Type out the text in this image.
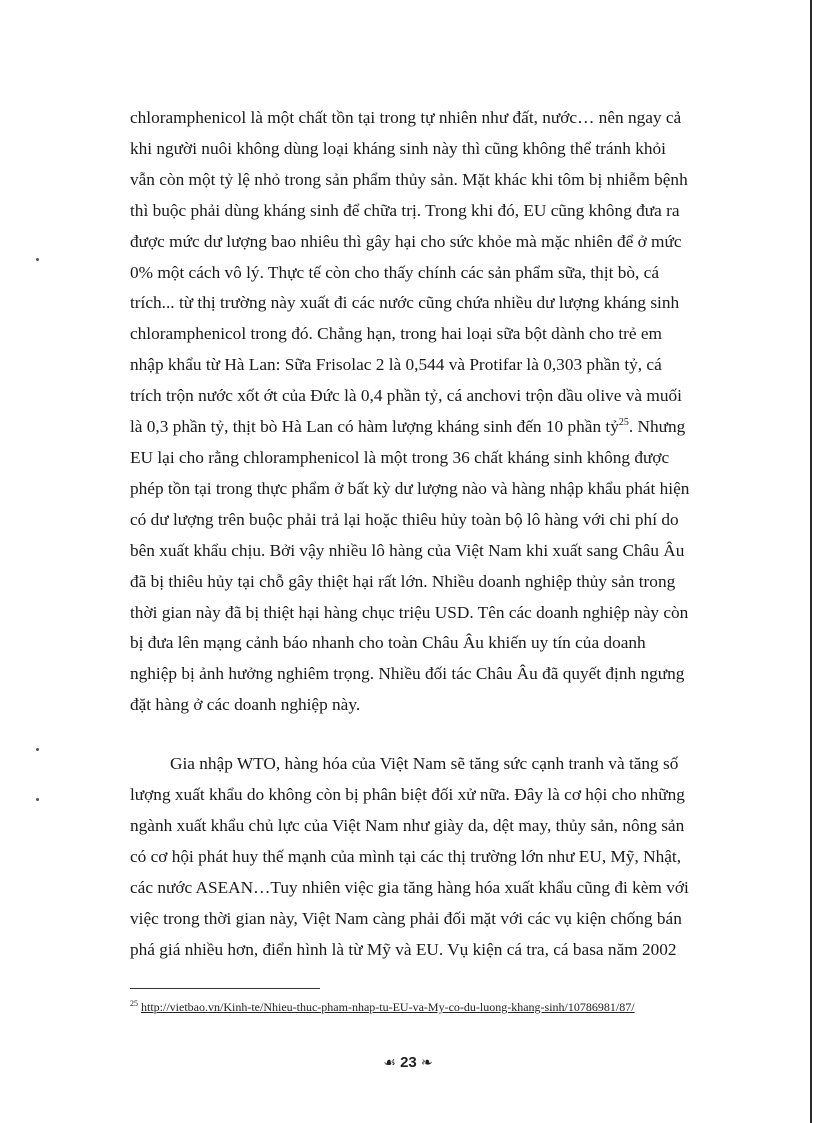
chloramphenicol là một chất tồn tại trong tự nhiên như đất, nước… nên ngay cả

khi người nuôi không dùng loại kháng sinh này thì cũng không thể tránh khỏi

vẫn còn một tỷ lệ nhỏ trong sản phẩm thủy sản. Mặt khác khi tôm bị nhiễm bệnh

thì buộc phải dùng kháng sinh để chữa trị. Trong khi đó, EU cũng không đưa ra

được mức dư lượng bao nhiêu thì gây hại cho sức khỏe mà mặc nhiên để ở mức

0% một cách vô lý. Thực tế còn cho thấy chính các sản phẩm sữa, thịt bò, cá

trích... từ thị trường này xuất đi các nước cũng chứa nhiều dư lượng kháng sinh

chloramphenicol trong đó. Chẳng hạn, trong hai loại sữa bột dành cho trẻ em

nhập khẩu từ Hà Lan: Sữa Frisolac 2 là 0,544 và Protifar là 0,303 phần tỷ, cá

trích trộn nước xốt ớt của Đức là 0,4 phần tỷ, cá anchovi trộn dầu olive và muối

là 0,3 phần tỷ, thịt bò Hà Lan có hàm lượng kháng sinh đến 10 phần tỷ$^{25}$. Nhưng

EU lại cho rằng chloramphenicol là một trong 36 chất kháng sinh không được

phép tồn tại trong thực phẩm ở bất kỳ dư lượng nào và hàng nhập khẩu phát hiện

có dư lượng trên buộc phải trả lại hoặc thiêu hủy toàn bộ lô hàng với chi phí do

bên xuất khẩu chịu. Bởi vậy nhiều lô hàng của Việt Nam khi xuất sang Châu Âu

đã bị thiêu hủy tại chỗ gây thiệt hại rất lớn. Nhiều doanh nghiệp thủy sản trong

thời gian này đã bị thiệt hại hàng chục triệu USD. Tên các doanh nghiệp này còn

bị đưa lên mạng cảnh báo nhanh cho toàn Châu Âu khiến uy tín của doanh

nghiệp bị ảnh hưởng nghiêm trọng. Nhiều đối tác Châu Âu đã quyết định ngưng

đặt hàng ở các doanh nghiệp này.

Gia nhập WTO, hàng hóa của Việt Nam sẽ tăng sức cạnh tranh và tăng số

lượng xuất khẩu do không còn bị phân biệt đối xử nữa. Đây là cơ hội cho những

ngành xuất khẩu chủ lực của Việt Nam như giày da, dệt may, thủy sản, nông sản

có cơ hội phát huy thế mạnh của mình tại các thị trường lớn như EU, Mỹ, Nhật,

các nước ASEAN…Tuy nhiên việc gia tăng hàng hóa xuất khẩu cũng đi kèm với

việc trong thời gian này, Việt Nam càng phải đối mặt với các vụ kiện chống bán

phá giá nhiều hơn, điển hình là từ Mỹ và EU. Vụ kiện cá tra, cá basa năm 2002

$^{25}$ http://vietbao.vn/Kinh-te/Nhieu-thuc-pham-nhap-tu-EU-va-My-co-du-luong-khang-sinh/10786981/87/
☙ 23 ❧
